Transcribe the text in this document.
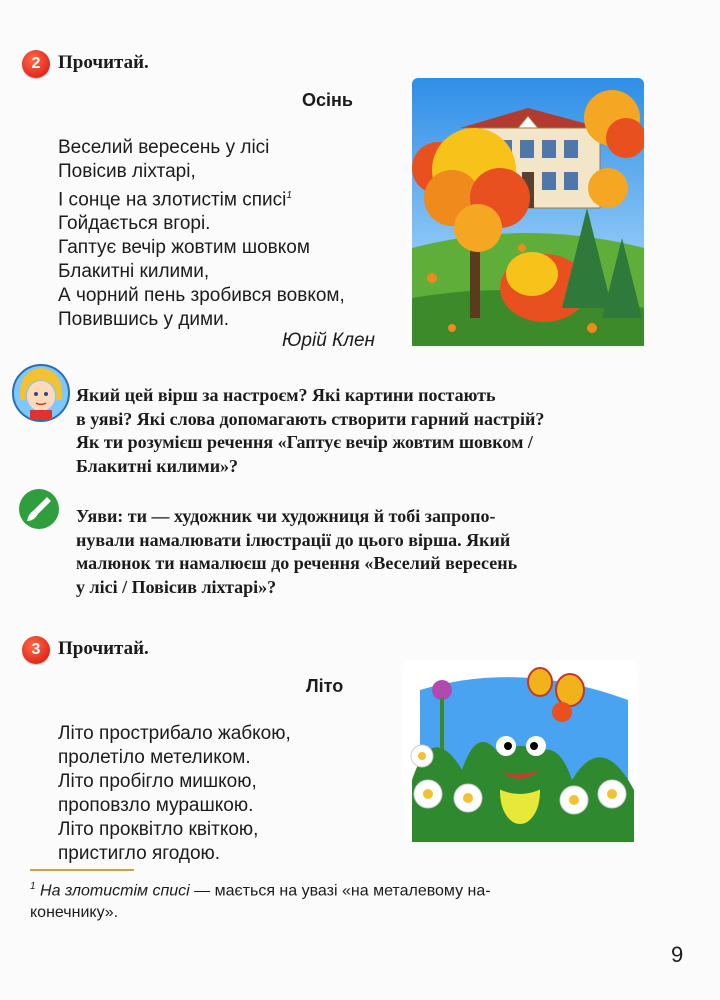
2 Прочитай.
Осінь
Веселий вересень у лісі
Повісив ліхтарі,
І сонце на злотистім списі$^1$
Гойдається вгорі.
Гаптує вечір жовтим шовком
Блакитні килими,
А чорний пень зробився вовком,
Повившись у дими.
Юрій Клен
Який цей вірш за настроєм? Які картини постають
в уяві? Які слова допомагають створити гарний настрій?
Як ти розумієш речення «Гаптує вечір жовтим шовком /
Блакитні килими»?
Уяви: ти — художник чи художниця й тобі запропо-
нували намалювати ілюстрації до цього вірша. Який
малюнок ти намалюєш до речення «Веселий вересень
у лісі / Повісив ліхтарі»?
3 Прочитай.
Літо
Літо прострибало жабкою,
пролетіло метеликом.
Літо пробігло мишкою,
проповзло мурашкою.
Літо проквітло квіткою,
пристигло ягодою.
$^1$ На злотистім списі — мається на увазі «на металевому на-
конечнику».
9
